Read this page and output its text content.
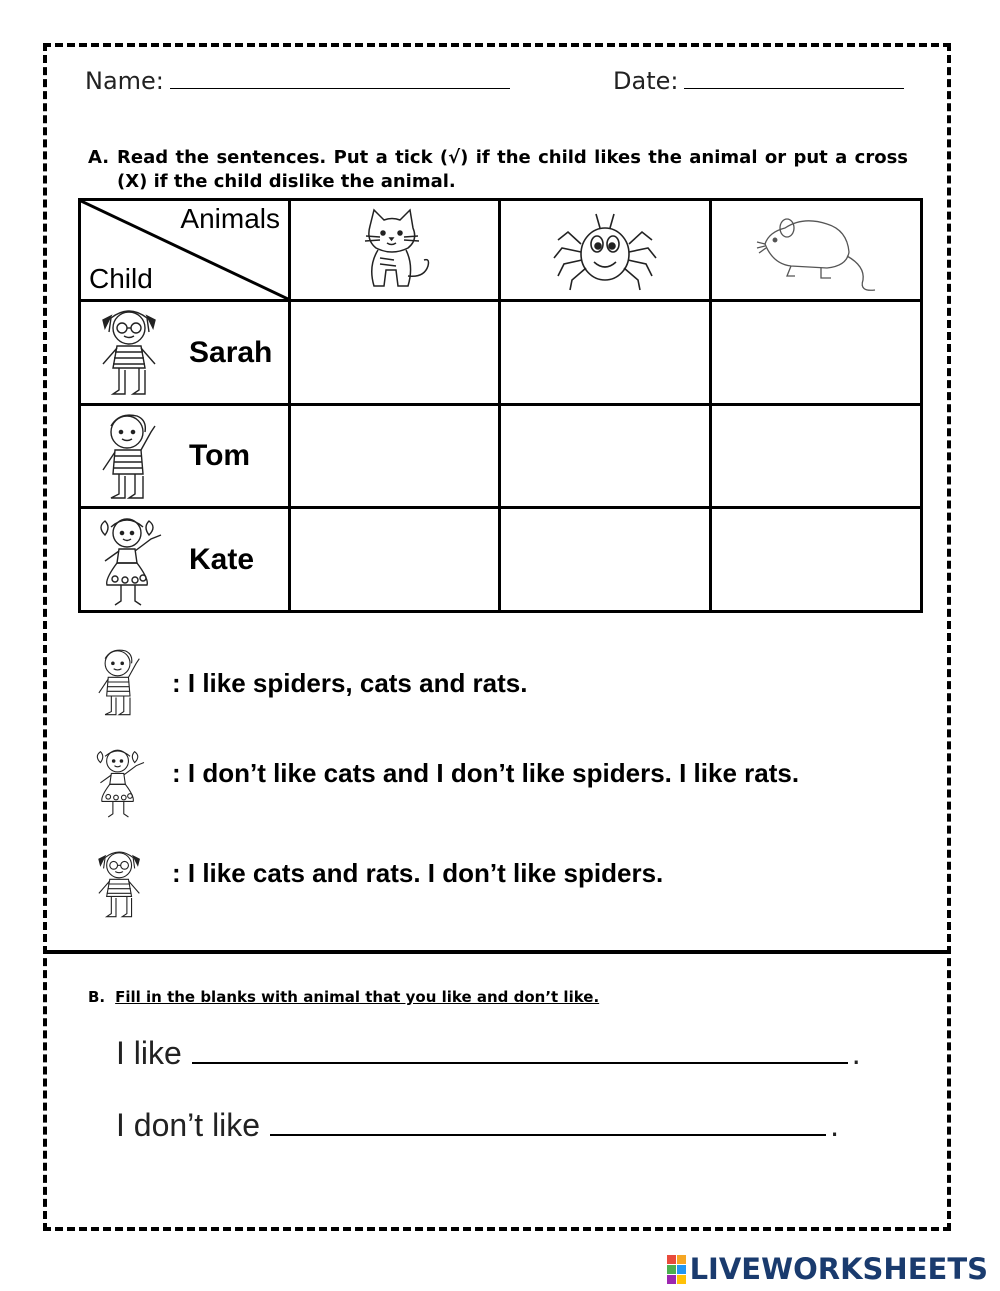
Name:	Date:
A. Read the sentences. Put a tick (√) if the child likes the animal or put a cross (X) if the child dislike the animal.
Animals
Child

Sarah			

Tom			

Kate			

: I like spiders, cats and rats.
: I don’t like cats and I don’t like spiders. I like rats.
: I like cats and rats. I don’t like spiders.
B. Fill in the blanks with animal that you like and don’t like.
I like	.
I don’t like	.
LIVEWORKSHEETS
